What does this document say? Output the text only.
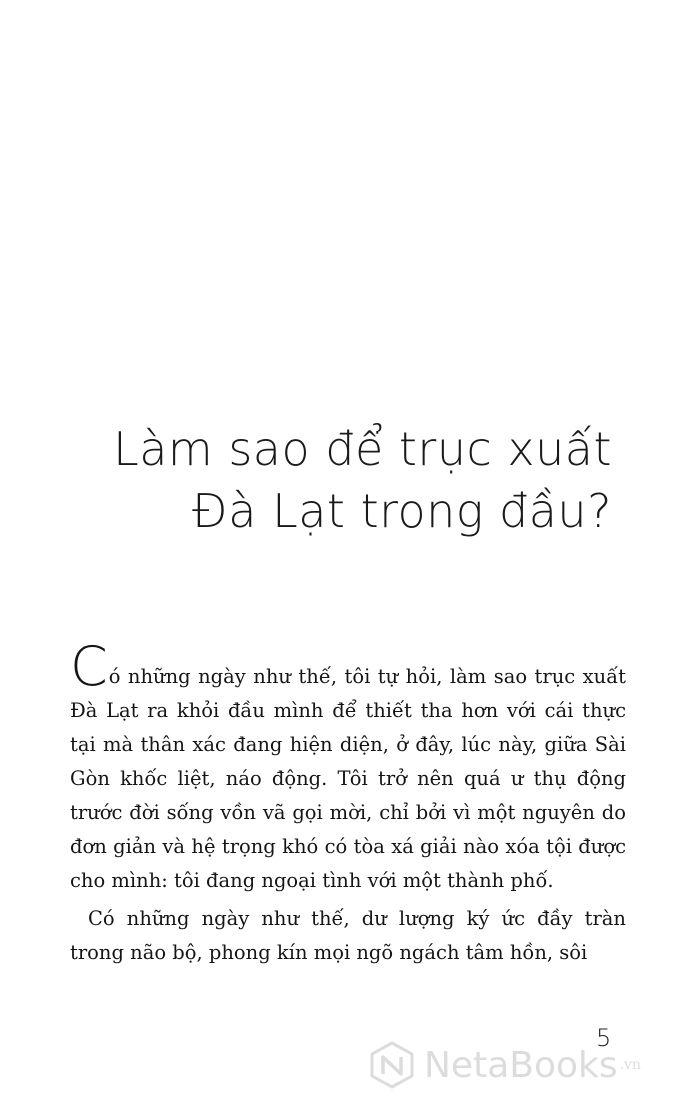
Làm sao để trục xuất
Đà Lạt trong đầu?

Có những ngày như thế, tôi tự hỏi, làm sao trục xuất Đà Lạt ra khỏi đầu mình để thiết tha hơn với cái thực tại mà thân xác đang hiện diện, ở đây, lúc này, giữa Sài Gòn khốc liệt, náo động. Tôi trở nên quá ư thụ động trước đời sống vồn vã gọi mời, chỉ bởi vì một nguyên do đơn giản và hệ trọng khó có tòa xá giải nào xóa tội được cho mình: tôi đang ngoại tình với một thành phố.

Có những ngày như thế, dư lượng ký ức đầy tràn trong não bộ, phong kín mọi ngõ ngách tâm hồn, sôi

5
NetaBooks .vn
